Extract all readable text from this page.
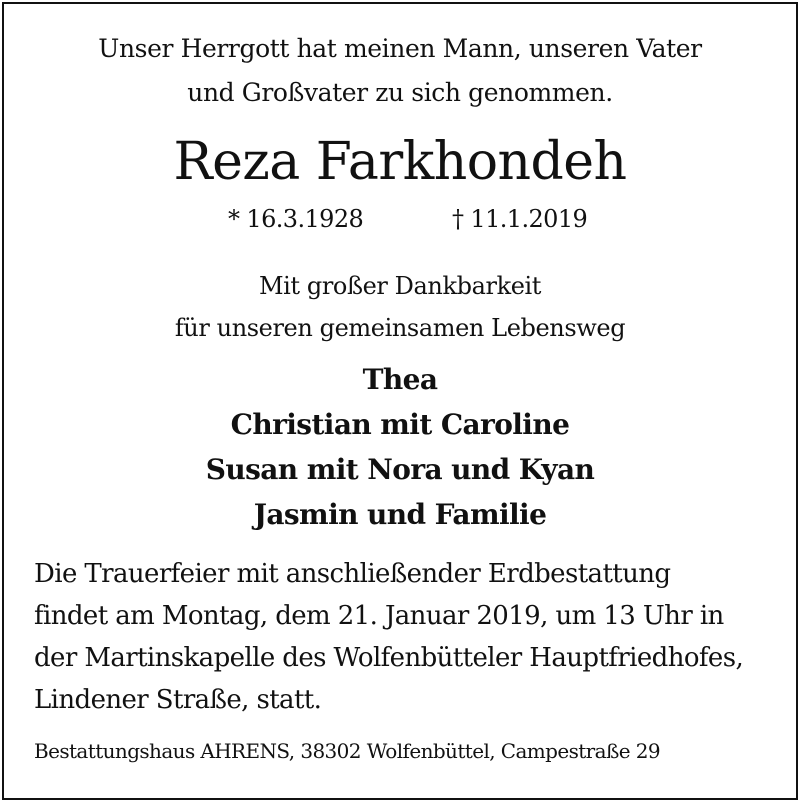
Unser Herrgott hat meinen Mann, unseren Vater
und Großvater zu sich genommen.
Reza Farkhondeh
* 16.3.1928	† 11.1.2019
Mit großer Dankbarkeit
für unseren gemeinsamen Lebensweg
Thea
Christian mit Caroline
Susan mit Nora und Kyan
Jasmin und Familie
Die Trauerfeier mit anschließender Erdbestattung
findet am Montag, dem 21. Januar 2019, um 13 Uhr in
der Martinskapelle des Wolfenbütteler Hauptfriedhofes,
Lindener Straße, statt.
Bestattungshaus AHRENS, 38302 Wolfenbüttel, Campestraße 29
